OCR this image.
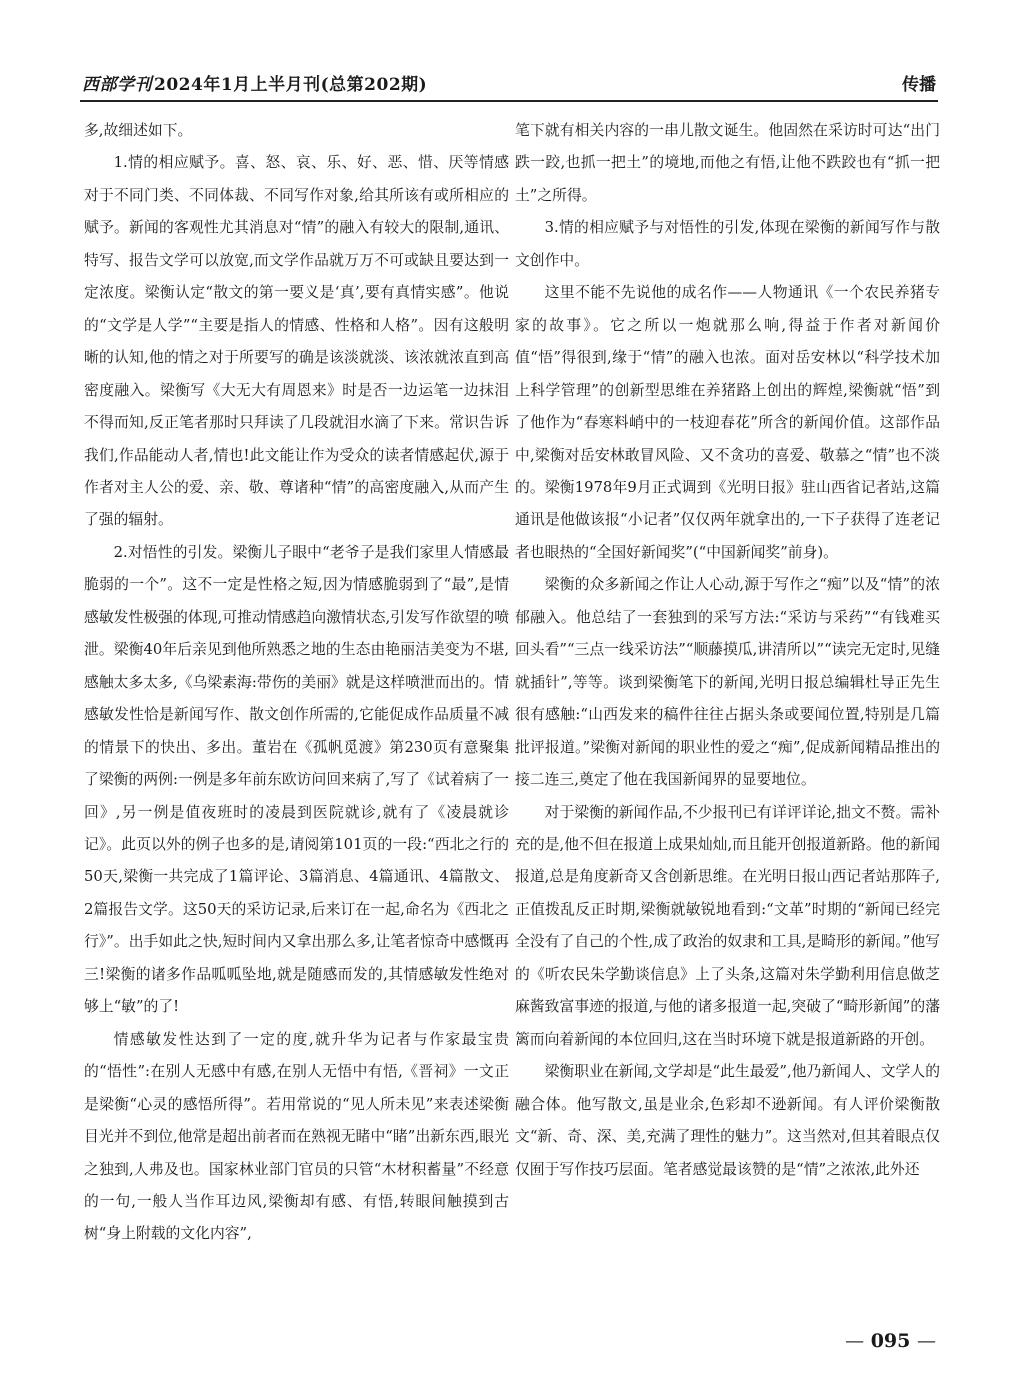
西部学刊 2024年1月上半月刊(总第202期)	传播

多,故细述如下。

1.情的相应赋予。喜、怒、哀、乐、好、恶、惜、厌等情感对于不同门类、不同体裁、不同写作对象,给其所该有或所相应的赋予。新闻的客观性尤其消息对“情”的融入有较大的限制,通讯、特写、报告文学可以放宽,而文学作品就万万不可或缺且要达到一定浓度。梁衡认定“散文的第一要义是‘真’,要有真情实感”。他说的“文学是人学”“主要是指人的情感、性格和人格”。因有这般明晰的认知,他的情之对于所要写的确是该淡就淡、该浓就浓直到高密度融入。梁衡写《大无大有周恩来》时是否一边运笔一边抹泪不得而知,反正笔者那时只拜读了几段就泪水滴了下来。常识告诉我们,作品能动人者,情也!此文能让作为受众的读者情感起伏,源于作者对主人公的爱、亲、敬、尊诸种“情”的高密度融入,从而产生了强的辐射。

2.对悟性的引发。梁衡儿子眼中“老爷子是我们家里人情感最脆弱的一个”。这不一定是性格之短,因为情感脆弱到了“最”,是情感敏发性极强的体现,可推动情感趋向激情状态,引发写作欲望的喷泄。梁衡40年后亲见到他所熟悉之地的生态由艳丽洁美变为不堪,感触太多太多,《乌梁素海:带伤的美丽》就是这样喷泄而出的。情感敏发性恰是新闻写作、散文创作所需的,它能促成作品质量不减的情景下的快出、多出。董岩在《孤帆觅渡》第230页有意聚集了梁衡的两例:一例是多年前东欧访问回来病了,写了《试着病了一回》,另一例是值夜班时的凌晨到医院就诊,就有了《凌晨就诊记》。此页以外的例子也多的是,请阅第101页的一段:“西北之行的50天,梁衡一共完成了1篇评论、3篇消息、4篇通讯、4篇散文、2篇报告文学。这50天的采访记录,后来订在一起,命名为《西北之行》”。出手如此之快,短时间内又拿出那么多,让笔者惊奇中感慨再三!梁衡的诸多作品呱呱坠地,就是随感而发的,其情感敏发性绝对够上“敏”的了!

情感敏发性达到了一定的度,就升华为记者与作家最宝贵的“悟性”:在别人无感中有感,在别人无悟中有悟,《晋祠》一文正是梁衡“心灵的感悟所得”。若用常说的“见人所未见”来表述梁衡目光并不到位,他常是超出前者而在熟视无睹中“睹”出新东西,眼光之独到,人弗及也。国家林业部门官员的只管“木材积蓄量”不经意的一句,一般人当作耳边风,梁衡却有感、有悟,转眼间触摸到古树“身上附载的文化内容”,

笔下就有相关内容的一串儿散文诞生。他固然在采访时可达“出门跌一跤,也抓一把土”的境地,而他之有悟,让他不跌跤也有“抓一把土”之所得。

3.情的相应赋予与对悟性的引发,体现在梁衡的新闻写作与散文创作中。

这里不能不先说他的成名作——人物通讯《一个农民养猪专家的故事》。它之所以一炮就那么响,得益于作者对新闻价值“悟”得很到,缘于“情”的融入也浓。面对岳安林以“科学技术加上科学管理”的创新型思维在养猪路上创出的辉煌,梁衡就“悟”到了他作为“春寒料峭中的一枝迎春花”所含的新闻价值。这部作品中,梁衡对岳安林敢冒风险、又不贪功的喜爱、敬慕之“情”也不淡的。梁衡1978年9月正式调到《光明日报》驻山西省记者站,这篇通讯是他做该报“小记者”仅仅两年就拿出的,一下子获得了连老记者也眼热的“全国好新闻奖”(“中国新闻奖”前身)。

梁衡的众多新闻之作让人心动,源于写作之“痴”以及“情”的浓郁融入。他总结了一套独到的采写方法:“采访与采药”“有钱难买回头看”“三点一线采访法”“顺藤摸瓜,讲清所以”“读完无定时,见缝就插针”,等等。谈到梁衡笔下的新闻,光明日报总编辑杜导正先生很有感触:“山西发来的稿件往往占据头条或要闻位置,特别是几篇批评报道。”梁衡对新闻的职业性的爱之“痴”,促成新闻精品推出的接二连三,奠定了他在我国新闻界的显要地位。

对于梁衡的新闻作品,不少报刊已有详评详论,拙文不赘。需补充的是,他不但在报道上成果灿灿,而且能开创报道新路。他的新闻报道,总是角度新奇又含创新思维。在光明日报山西记者站那阵子,正值拨乱反正时期,梁衡就敏锐地看到:“文革”时期的“新闻已经完全没有了自己的个性,成了政治的奴隶和工具,是畸形的新闻。”他写的《听农民朱学勤谈信息》上了头条,这篇对朱学勤利用信息做芝麻酱致富事迹的报道,与他的诸多报道一起,突破了“畸形新闻”的藩篱而向着新闻的本位回归,这在当时环境下就是报道新路的开创。

梁衡职业在新闻,文学却是“此生最爱”,他乃新闻人、文学人的融合体。他写散文,虽是业余,色彩却不逊新闻。有人评价梁衡散文“新、奇、深、美,充满了理性的魅力”。这当然对,但其着眼点仅仅囿于写作技巧层面。笔者感觉最该赞的是“情”之浓浓,此外还

— 095 —
